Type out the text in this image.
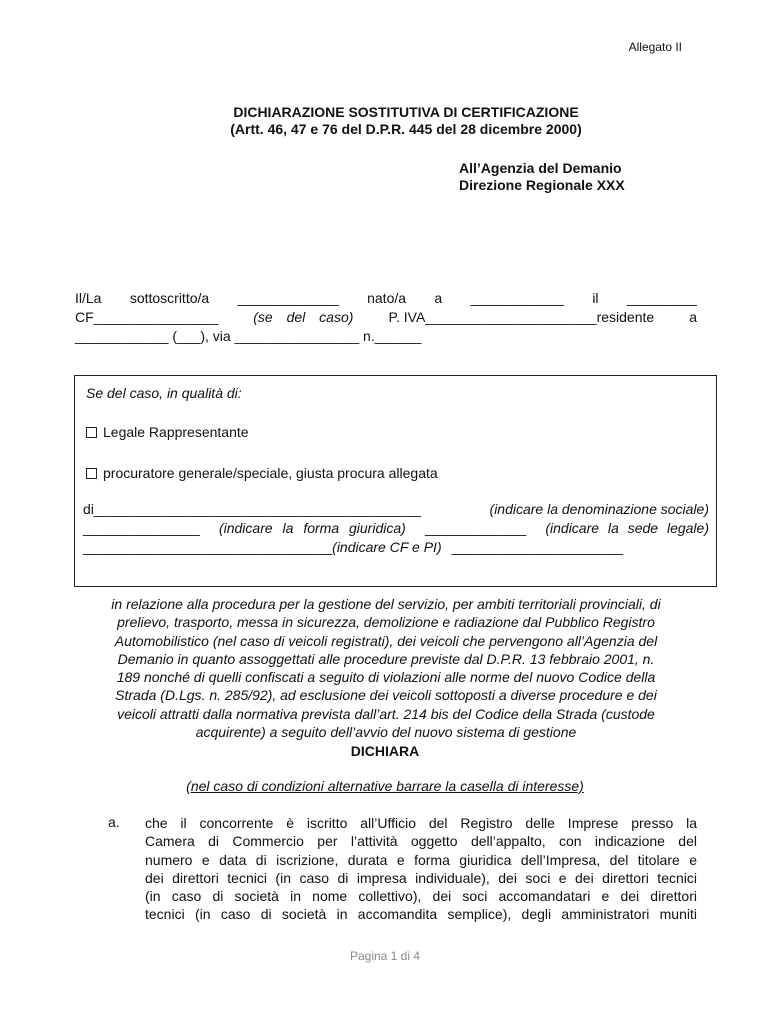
Allegato II
DICHIARAZIONE SOSTITUTIVA DI CERTIFICAZIONE
(Artt. 46, 47 e 76 del D.P.R. 445 del 28 dicembre 2000)
All’Agenzia del Demanio
Direzione Regionale XXX
Il/La sottoscritto/a _____________ nato/a a ____________ il _________
CF________________	(se del caso)	P. IVA______________________residente	a
____________ (___), via ________________ n.______
Se del caso, in qualità di:
Legale Rappresentante
procuratore generale/speciale, giusta procura allegata
di__________________________________________	(indicare la denominazione sociale)
_______________ (indicare la forma giuridica) _____________ (indicare la sede legale)
________________________________ (indicare CF e PI) ______________________
in relazione alla procedura per la gestione del servizio, per ambiti territoriali provinciali, di
prelievo, trasporto, messa in sicurezza, demolizione e radiazione dal Pubblico Registro
Automobilistico (nel caso di veicoli registrati), dei veicoli che pervengono all’Agenzia del
Demanio in quanto assoggettati alle procedure previste dal D.P.R. 13 febbraio 2001, n.
189 nonché di quelli confiscati a seguito di violazioni alle norme del nuovo Codice della
Strada (D.Lgs. n. 285/92), ad esclusione dei veicoli sottoposti a diverse procedure e dei
veicoli attratti dalla normativa prevista dall’art. 214 bis del Codice della Strada (custode
acquirente) a seguito dell’avvio del nuovo sistema di gestione
DICHIARA
(nel caso di condizioni alternative barrare la casella di interesse)
a. che il concorrente è iscritto all’Ufficio del Registro delle Imprese presso la
Camera di Commercio per l’attività oggetto dell’appalto, con indicazione del
numero e data di iscrizione, durata e forma giuridica dell’Impresa, del titolare e
dei direttori tecnici (in caso di impresa individuale), dei soci e dei direttori tecnici
(in caso di società in nome collettivo), dei soci accomandatari e dei direttori
tecnici (in caso di società in accomandita semplice), degli amministratori muniti
Pagina 1 di 4
